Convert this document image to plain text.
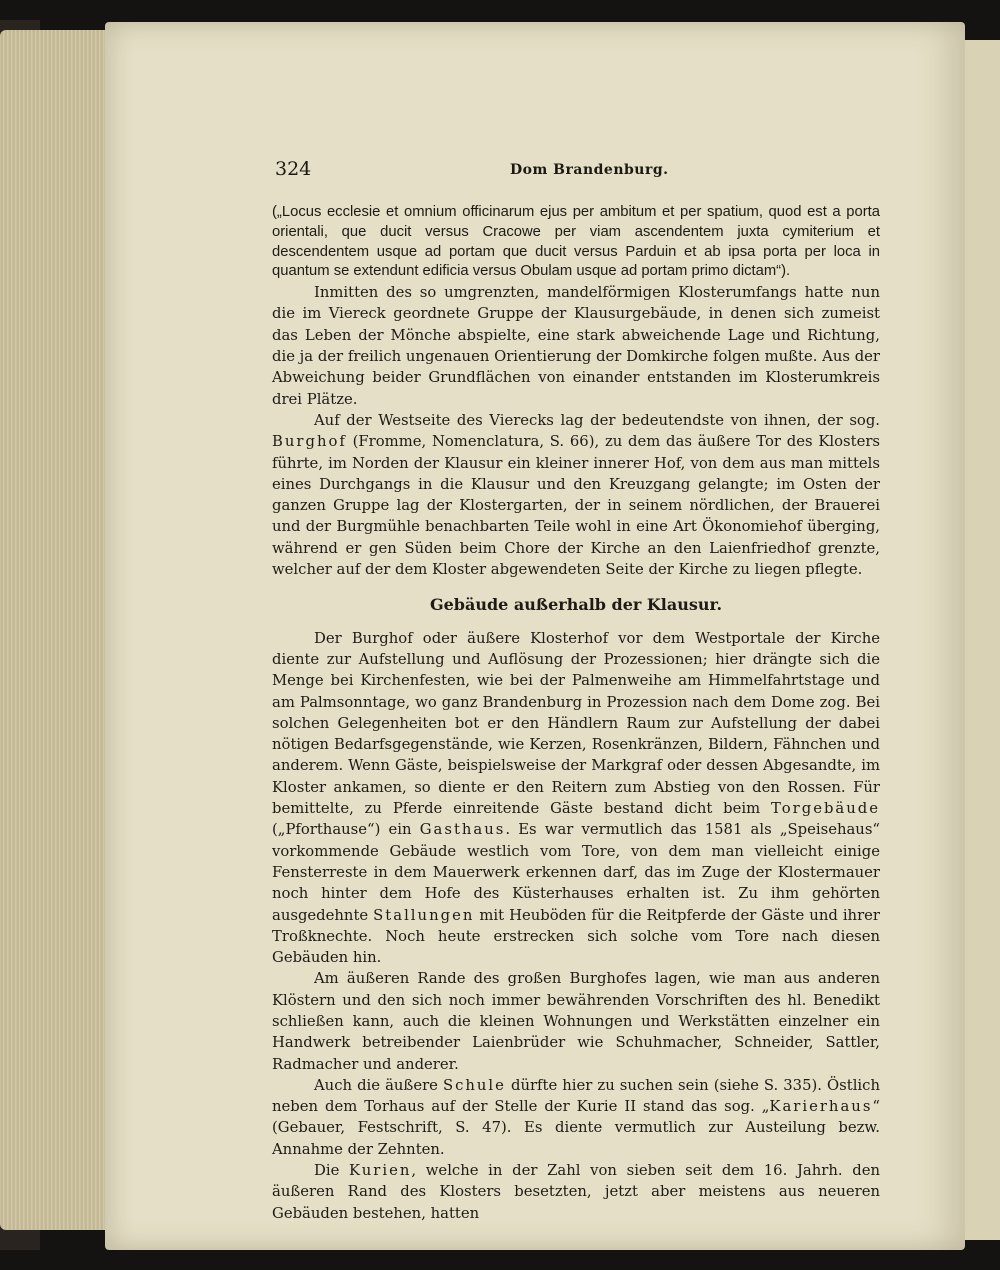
324	Dom Brandenburg.

(„Locus ecclesie et omnium officinarum ejus per ambitum et per spatium, quod est a porta orientali, que ducit versus Cracowe per viam ascendentem juxta cymiterium et descendentem usque ad portam que ducit versus Parduin et ab ipsa porta per loca in quantum se extendunt edificia versus Obulam usque ad portam primo dictam“).

Inmitten des so umgrenzten, mandelförmigen Klosterumfangs hatte nun die im Viereck geordnete Gruppe der Klausurgebäude, in denen sich zumeist das Leben der Mönche abspielte, eine stark abweichende Lage und Richtung, die ja der freilich ungenauen Orientierung der Domkirche folgen mußte. Aus der Abweichung beider Grundflächen von einander entstanden im Klosterumkreis drei Plätze.

Auf der Westseite des Vierecks lag der bedeutendste von ihnen, der sog. Burghof (Fromme, Nomenclatura, S. 66), zu dem das äußere Tor des Klosters führte, im Norden der Klausur ein kleiner innerer Hof, von dem aus man mittels eines Durchgangs in die Klausur und den Kreuzgang gelangte; im Osten der ganzen Gruppe lag der Klostergarten, der in seinem nördlichen, der Brauerei und der Burgmühle benachbarten Teile wohl in eine Art Ökonomiehof überging, während er gen Süden beim Chore der Kirche an den Laienfriedhof grenzte, welcher auf der dem Kloster abgewendeten Seite der Kirche zu liegen pflegte.

Gebäude außerhalb der Klausur.

Der Burghof oder äußere Klosterhof vor dem Westportale der Kirche diente zur Aufstellung und Auflösung der Prozessionen; hier drängte sich die Menge bei Kirchenfesten, wie bei der Palmenweihe am Himmelfahrtstage und am Palmsonntage, wo ganz Brandenburg in Prozession nach dem Dome zog. Bei solchen Gelegenheiten bot er den Händlern Raum zur Aufstellung der dabei nötigen Bedarfsgegenstände, wie Kerzen, Rosenkränzen, Bildern, Fähnchen und anderem. Wenn Gäste, beispielsweise der Markgraf oder dessen Abgesandte, im Kloster ankamen, so diente er den Reitern zum Abstieg von den Rossen. Für bemittelte, zu Pferde einreitende Gäste bestand dicht beim Torgebäude („Pforthause“) ein Gasthaus. Es war vermutlich das 1581 als „Speisehaus“ vorkommende Gebäude westlich vom Tore, von dem man vielleicht einige Fensterreste in dem Mauerwerk erkennen darf, das im Zuge der Klostermauer noch hinter dem Hofe des Küsterhauses erhalten ist. Zu ihm gehörten ausgedehnte Stallungen mit Heuböden für die Reitpferde der Gäste und ihrer Troßknechte. Noch heute erstrecken sich solche vom Tore nach diesen Gebäuden hin.

Am äußeren Rande des großen Burghofes lagen, wie man aus anderen Klöstern und den sich noch immer bewährenden Vorschriften des hl. Benedikt schließen kann, auch die kleinen Wohnungen und Werkstätten einzelner ein Handwerk betreibender Laienbrüder wie Schuhmacher, Schneider, Sattler, Radmacher und anderer.

Auch die äußere Schule dürfte hier zu suchen sein (siehe S. 335). Östlich neben dem Torhaus auf der Stelle der Kurie II stand das sog. „Karierhaus“ (Gebauer, Festschrift, S. 47). Es diente vermutlich zur Austeilung bezw. Annahme der Zehnten.

Die Kurien, welche in der Zahl von sieben seit dem 16. Jahrh. den äußeren Rand des Klosters besetzten, jetzt aber meistens aus neueren Gebäuden bestehen, hatten
